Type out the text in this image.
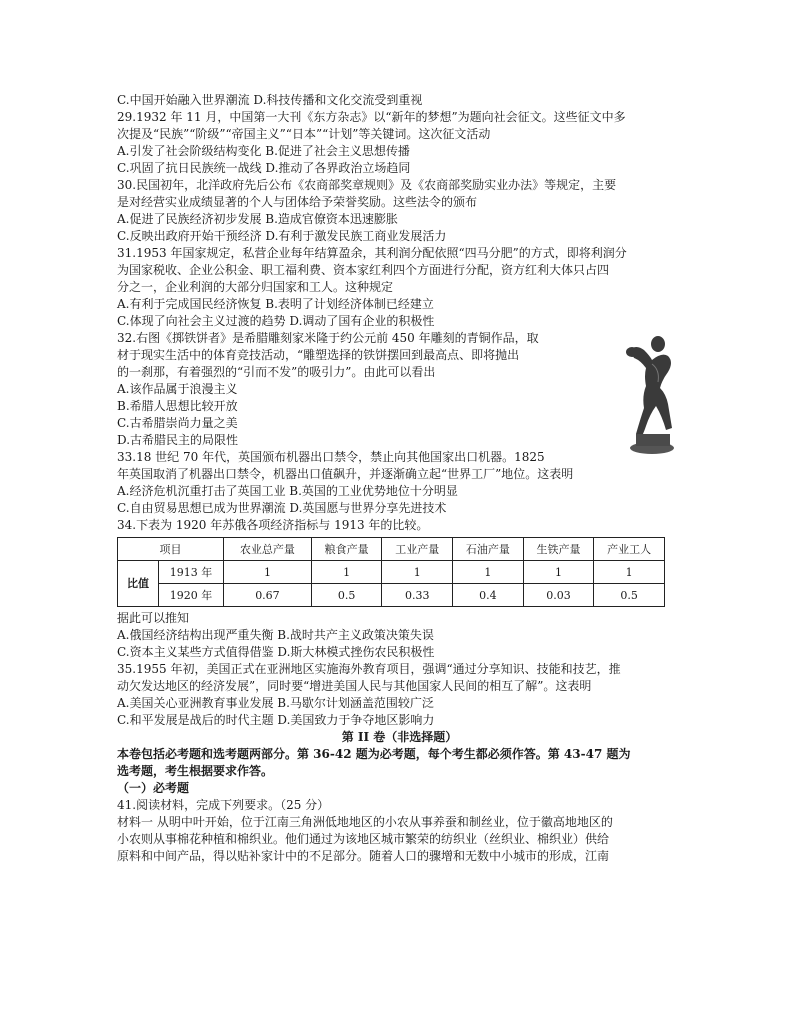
C.中国开始融入世界潮流 D.科技传播和文化交流受到重视
29.1932 年 11 月，中国第一大刊《东方杂志》以“新年的梦想”为题向社会征文。这些征文中多
次提及“民族”“阶级”“帝国主义”“日本”“计划”等关键词。这次征文活动
A.引发了社会阶级结构变化 B.促进了社会主义思想传播
C.巩固了抗日民族统一战线 D.推动了各界政治立场趋同
30.民国初年，北洋政府先后公布《农商部奖章规则》及《农商部奖励实业办法》等规定，主要
是对经营实业成绩显著的个人与团体给予荣誉奖励。这些法令的颁布
A.促进了民族经济初步发展 B.造成官僚资本迅速膨胀
C.反映出政府开始干预经济 D.有利于激发民族工商业发展活力
31.1953 年国家规定，私营企业每年结算盈余，其利润分配依照“四马分肥”的方式，即将利润分
为国家税收、企业公积金、职工福利费、资本家红利四个方面进行分配，资方红利大体只占四
分之一，企业利润的大部分归国家和工人。这种规定
A.有利于完成国民经济恢复 B.表明了计划经济体制已经建立
C.体现了向社会主义过渡的趋势 D.调动了国有企业的积极性
32.右图《掷铁饼者》是希腊雕刻家米隆于约公元前 450 年雕刻的青铜作品，取
材于现实生活中的体育竞技活动，“雕塑选择的铁饼摆回到最高点、即将抛出
的一刹那，有着强烈的“引而不发”的吸引力”。由此可以看出
A.该作品属于浪漫主义
B.希腊人思想比较开放
C.古希腊崇尚力量之美
D.古希腊民主的局限性
33.18 世纪 70 年代，英国颁布机器出口禁令，禁止向其他国家出口机器。1825
年英国取消了机器出口禁令，机器出口值飙升，并逐渐确立起“世界工厂”地位。这表明
A.经济危机沉重打击了英国工业 B.英国的工业优势地位十分明显
C.自由贸易思想已成为世界潮流 D.英国愿与世界分享先进技术
34.下表为 1920 年苏俄各项经济指标与 1913 年的比较。
项目		农业总产量	粮食产量	工业产量	石油产量	生铁产量	产业工人
比值	1913 年	1	1	1	1	1	1
	1920 年	0.67	0.5	0.33	0.4	0.03	0.5
据此可以推知
A.俄国经济结构出现严重失衡 B.战时共产主义政策决策失误
C.资本主义某些方式值得借鉴 D.斯大林模式挫伤农民积极性
35.1955 年初，美国正式在亚洲地区实施海外教育项目，强调“通过分享知识、技能和技艺，推
动欠发达地区的经济发展”，同时要“增进美国人民与其他国家人民间的相互了解”。这表明
A.美国关心亚洲教育事业发展 B.马歇尔计划涵盖范围较广泛
C.和平发展是战后的时代主题 D.美国致力于争夺地区影响力
第 II 卷（非选择题）
本卷包括必考题和选考题两部分。第 36-42 题为必考题，每个考生都必须作答。第 43-47 题为
选考题，考生根据要求作答。
（一）必考题
41.阅读材料，完成下列要求。（25 分）
材料一 从明中叶开始，位于江南三角洲低地地区的小农从事养蚕和制丝业，位于徽高地地区的
小农则从事棉花种植和棉织业。他们通过为该地区城市繁荣的纺织业（丝织业、棉织业）供给
原料和中间产品，得以贴补家计中的不足部分。随着人口的骤增和无数中小城市的形成，江南
